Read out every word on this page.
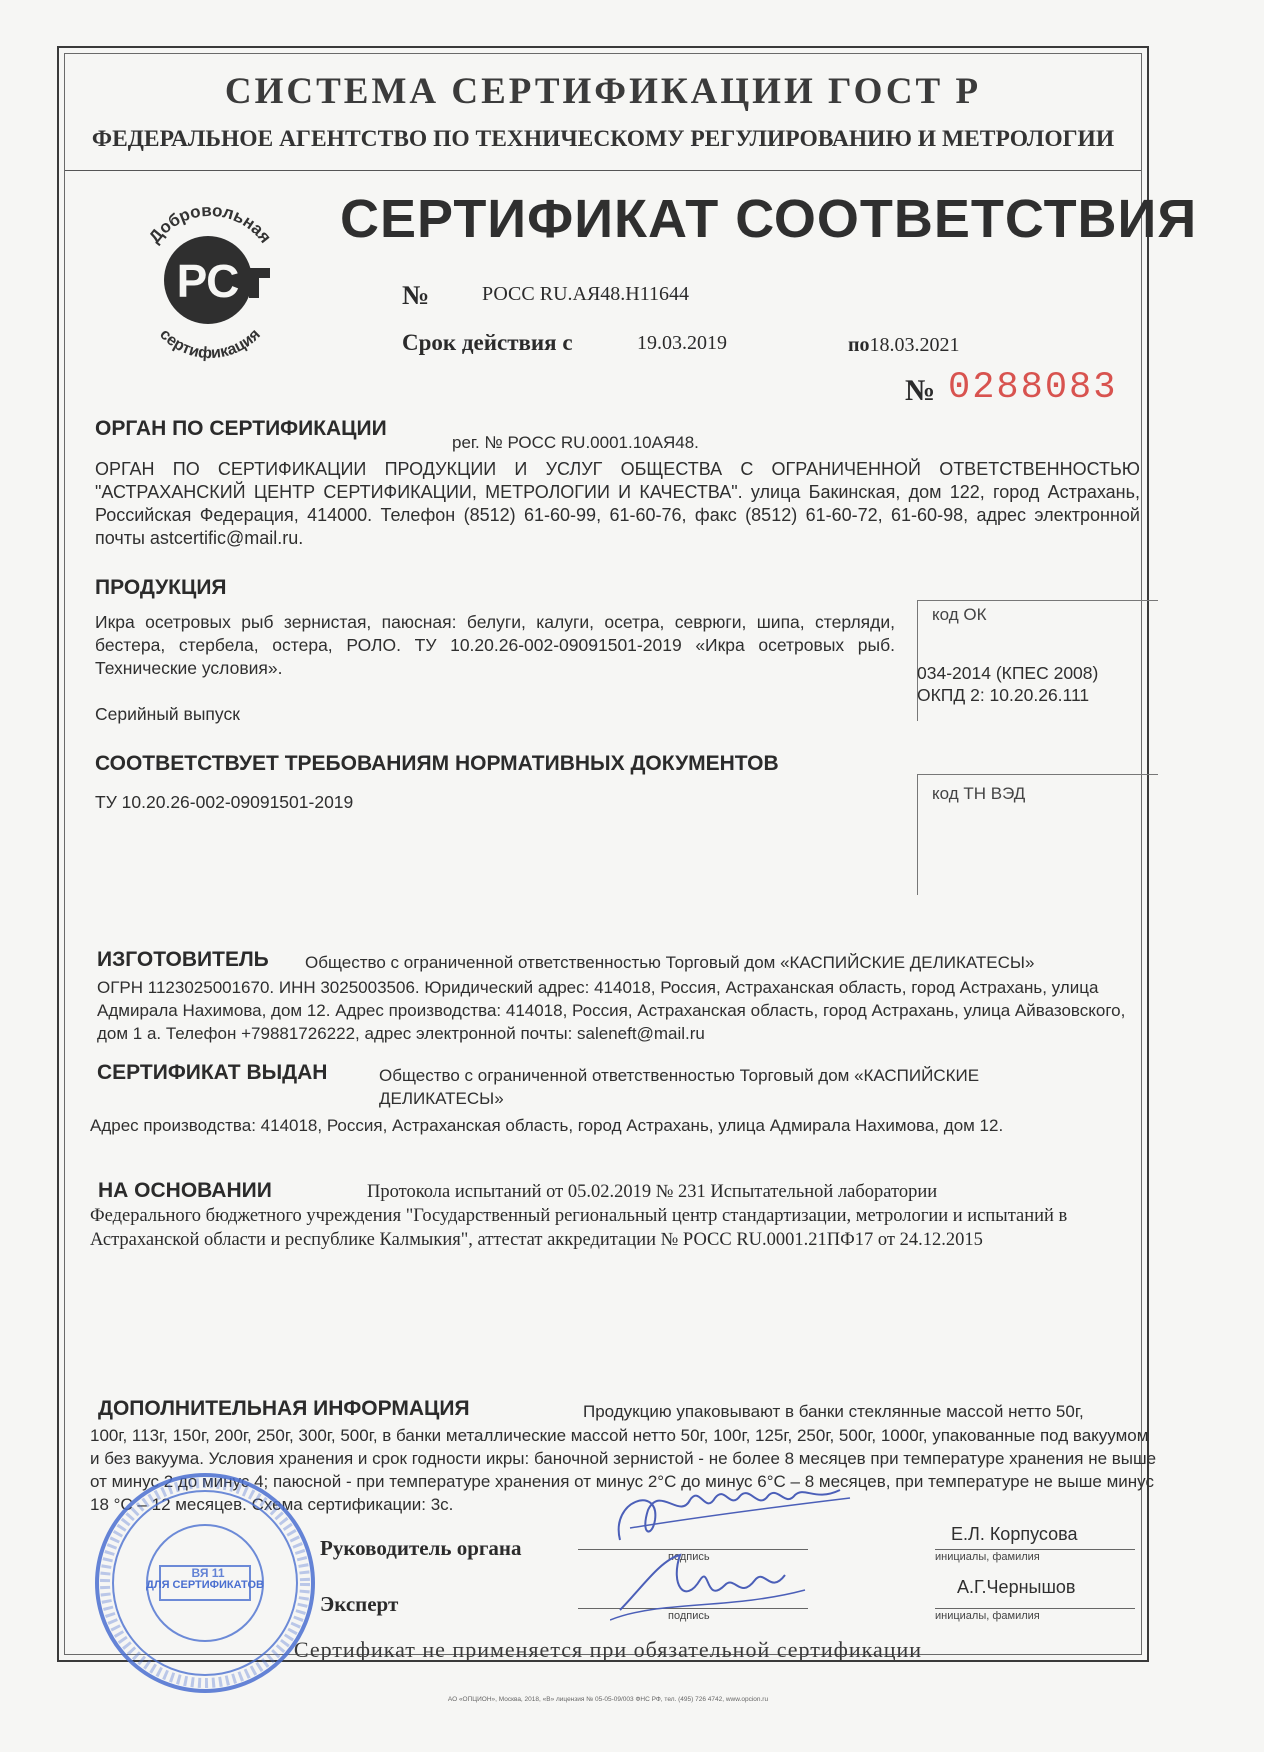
СИСТЕМА СЕРТИФИКАЦИИ ГОСТ Р
ФЕДЕРАЛЬНОЕ АГЕНТСТВО ПО ТЕХНИЧЕСКОМУ РЕГУЛИРОВАНИЮ И МЕТРОЛОГИИ
Добровольная
сертификация
РС
СЕРТИФИКАТ СООТВЕТСТВИЯ
№	РОСС RU.АЯ48.Н11644
Срок действия с	19.03.2019	по18.03.2021
№ 0288083
ОРГАН ПО СЕРТИФИКАЦИИ
рег. № РОСС RU.0001.10АЯ48.
ОРГАН ПО СЕРТИФИКАЦИИ ПРОДУКЦИИ И УСЛУГ ОБЩЕСТВА С ОГРАНИЧЕННОЙ ОТВЕТСТВЕННОСТЬЮ "АСТРАХАНСКИЙ ЦЕНТР СЕРТИФИКАЦИИ, МЕТРОЛОГИИ И КАЧЕСТВА". улица Бакинская, дом 122, город Астрахань, Российская Федерация, 414000. Телефон (8512) 61-60-99, 61-60-76, факс (8512) 61-60-72, 61-60-98, адрес электронной почты astcertific@mail.ru.
ПРОДУКЦИЯ
Икра осетровых рыб зернистая, паюсная: белуги, калуги, осетра, севрюги, шипа, стерляди, бестера, стербела, остера, РОЛО. ТУ 10.20.26-002-09091501-2019 «Икра осетровых рыб. Технические условия».
Серийный выпуск
код ОК
034-2014 (КПЕС 2008)
ОКПД 2: 10.20.26.111
СООТВЕТСТВУЕТ ТРЕБОВАНИЯМ НОРМАТИВНЫХ ДОКУМЕНТОВ
ТУ 10.20.26-002-09091501-2019	код ТН ВЭД
ИЗГОТОВИТЕЛЬ Общество с ограниченной ответственностью Торговый дом «КАСПИЙСКИЕ ДЕЛИКАТЕСЫ»
ОГРН 1123025001670. ИНН 3025003506. Юридический адрес: 414018, Россия, Астраханская область, город Астрахань, улица Адмирала Нахимова, дом 12. Адрес производства: 414018, Россия, Астраханская область, город Астрахань, улица Айвазовского, дом 1 а. Телефон +79881726222, адрес электронной почты: saleneft@mail.ru
СЕРТИФИКАТ ВЫДАН	Общество с ограниченной ответственностью Торговый дом «КАСПИЙСКИЕ
ДЕЛИКАТЕСЫ»
Адрес производства: 414018, Россия, Астраханская область, город Астрахань, улица Адмирала Нахимова, дом 12.
НА ОСНОВАНИИ	Протокола испытаний от 05.02.2019 № 231 Испытательной лаборатории
Федерального бюджетного учреждения "Государственный региональный центр стандартизации, метрологии и испытаний в Астраханской области и республике Калмыкия", аттестат аккредитации № РОСС RU.0001.21ПФ17 от 24.12.2015
ДОПОЛНИТЕЛЬНАЯ ИНФОРМАЦИЯ	Продукцию упаковывают в банки стеклянные массой нетто 50г,
100г, 113г, 150г, 200г, 250г, 300г, 500г, в банки металлические массой нетто 50г, 100г, 125г, 250г, 500г, 1000г, упакованные под вакуумом и без вакуума. Условия хранения и срок годности икры: баночной зернистой - не более 8 месяцев при температуре хранения не выше от минус 2 до минус 4; паюсной - при температуре хранения от минус 2°С до минус 6°С – 8 месяцев, при температуре не выше минус 18 °С – 12 месяцев. Схема сертификации: 3с.
Руководитель органа
Е.Л. Корпусова
подпись	инициалы, фамилия
Эксперт
А.Г.Чернышов
подпись	инициалы, фамилия
ДЛЯ СЕРТИФИКАТОВ
ВЯ 11
Сертификат не применяется при обязательной сертификации
АО «ОПЦИОН», Москва, 2018, «В» лицензия № 05-05-09/003 ФНС РФ, тел. (495) 726 4742, www.opcion.ru
